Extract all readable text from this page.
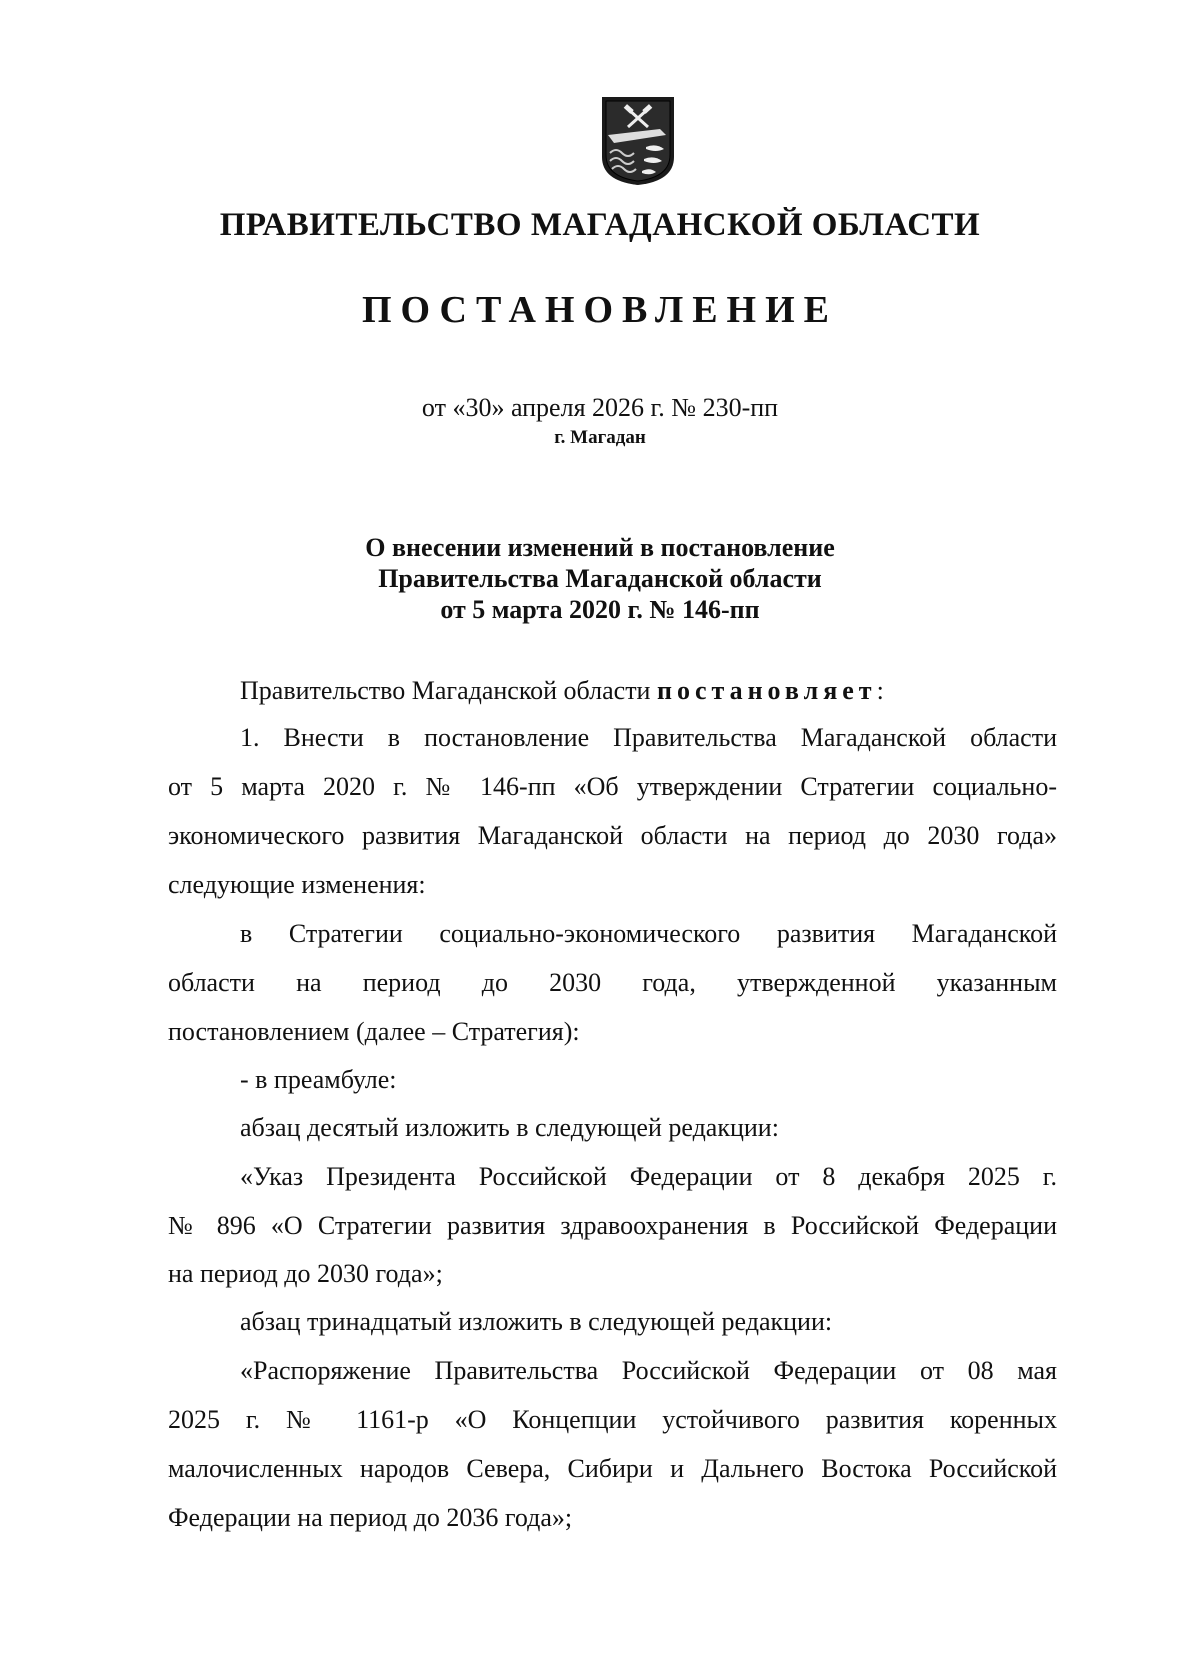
ПРАВИТЕЛЬСТВО МАГАДАНСКОЙ ОБЛАСТИ
ПОСТАНОВЛЕНИЕ
от «30» апреля 2026 г. № 230-пп
г. Магадан
О внесении изменений в постановление
Правительства Магаданской области
от 5 марта 2020 г. № 146-пп
Правительство Магаданской области постановляет:
1. Внести в постановление Правительства Магаданской области
от 5 марта 2020 г. № 146-пп «Об утверждении Стратегии социально-
экономического развития Магаданской области на период до 2030 года»
следующие изменения:
в Стратегии социально-экономического развития Магаданской
области на период до 2030 года, утвержденной указанным
постановлением (далее – Стратегия):
- в преамбуле:
абзац десятый изложить в следующей редакции:
«Указ Президента Российской Федерации от 8 декабря 2025 г.
№ 896 «О Стратегии развития здравоохранения в Российской Федерации
на период до 2030 года»;
абзац тринадцатый изложить в следующей редакции:
«Распоряжение Правительства Российской Федерации от 08 мая
2025 г. № 1161-р «О Концепции устойчивого развития коренных
малочисленных народов Севера, Сибири и Дальнего Востока Российской
Федерации на период до 2036 года»;
